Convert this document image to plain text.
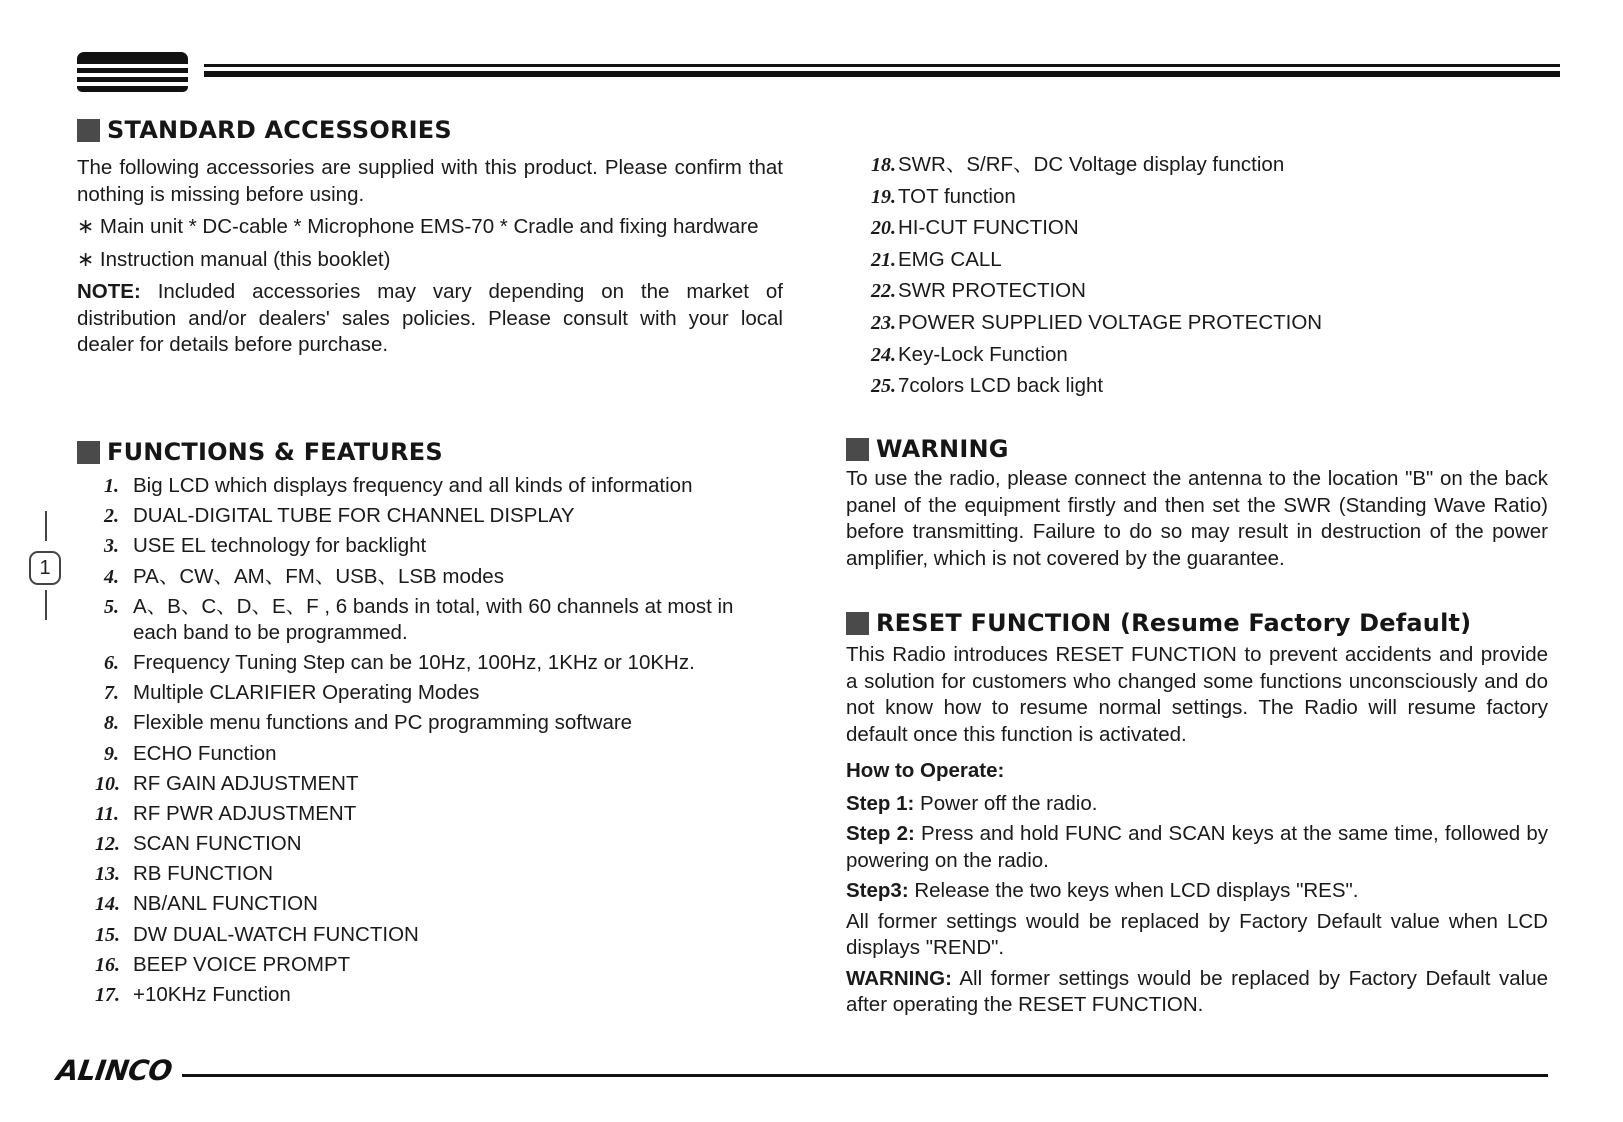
1
STANDARD ACCESSORIES

The following accessories are supplied with this product. Please confirm that nothing is missing before using.

∗ Main unit * DC-cable * Microphone EMS-70 * Cradle and fixing hardware

∗ Instruction manual (this booklet)

NOTE: Included accessories may vary depending on the market of distribution and/or dealers' sales policies. Please consult with your local dealer for details before purchase.

FUNCTIONS & FEATURES
1. Big LCD which displays frequency and all kinds of information
2. DUAL-DIGITAL TUBE FOR CHANNEL DISPLAY
3. USE EL technology for backlight
4. PA、CW、AM、FM、USB、LSB modes
5. A、B、C、D、E、F , 6 bands in total, with 60 channels at most in each band to be programmed.
6. Frequency Tuning Step can be 10Hz, 100Hz, 1KHz or 10KHz.
7. Multiple CLARIFIER Operating Modes
8. Flexible menu functions and PC programming software
9. ECHO Function
10. RF GAIN ADJUSTMENT
11. RF PWR ADJUSTMENT
12. SCAN FUNCTION
13. RB FUNCTION
14. NB/ANL FUNCTION
15. DW DUAL-WATCH FUNCTION
16. BEEP VOICE PROMPT
17. +10KHz Function
18. SWR、S/RF、DC Voltage display function
19. TOT function
20. HI-CUT FUNCTION
21. EMG CALL
22. SWR PROTECTION
23. POWER SUPPLIED VOLTAGE PROTECTION
24. Key-Lock Function
25. 7colors LCD back light
WARNING

To use the radio, please connect the antenna to the location "B" on the back panel of the equipment firstly and then set the SWR (Standing Wave Ratio) before transmitting. Failure to do so may result in destruction of the power amplifier, which is not covered by the guarantee.

RESET FUNCTION (Resume Factory Default)

This Radio introduces RESET FUNCTION to prevent accidents and provide a solution for customers who changed some functions unconsciously and do not know how to resume normal settings. The Radio will resume factory default once this function is activated.

How to Operate:

Step 1: Power off the radio.

Step 2: Press and hold FUNC and SCAN keys at the same time, followed by powering on the radio.

Step3: Release the two keys when LCD displays "RES".

All former settings would be replaced by Factory Default value when LCD displays "REND".

WARNING: All former settings would be replaced by Factory Default value after operating the RESET FUNCTION.

ALINCO
